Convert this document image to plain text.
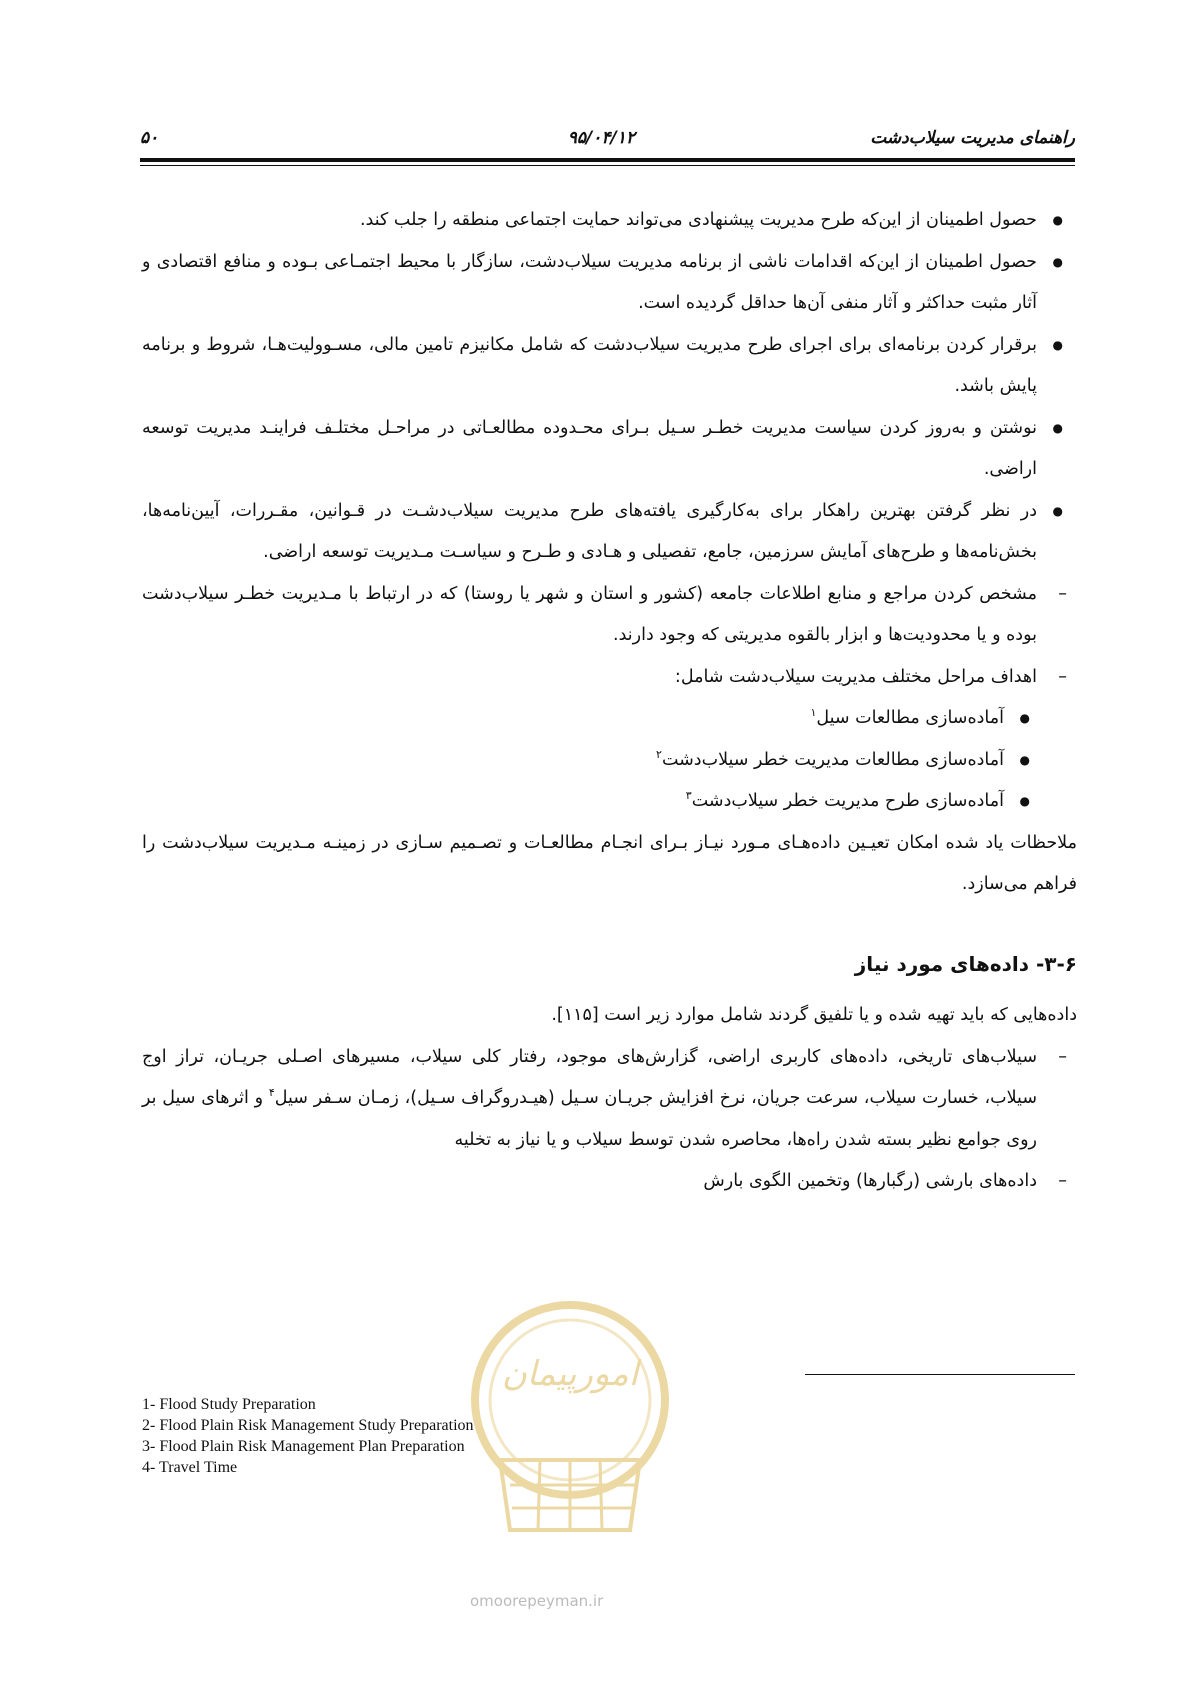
راهنمای مدیریت سیلاب‌دشت
۹۵/۰۴/۱۲
۵۰
● حصول اطمینان از این‌که طرح مدیریت پیشنهادی می‌تواند حمایت اجتماعی منطقه را جلب کند.
● حصول اطمینان از این‌که اقدامات ناشی از برنامه مدیریت سیلاب‌دشت، سازگار با محیط اجتمـاعی بـوده و منافع اقتصادی و آثار مثبت حداکثر و آثار منفی آن‌ها حداقل گردیده است.
● برقرار کردن برنامه‌ای برای اجرای طرح مدیریت سیلاب‌دشت که شامل مکانیزم تامین مالی، مسـوولیت‌هـا، شروط و برنامه پایش باشد.
● نوشتن و به‌روز کردن سیاست مدیریت خطـر سـیل بـرای محـدوده مطالعـاتی در مراحـل مختلـف فراینـد مدیریت توسعه اراضی.
● در نظر گرفتن بهترین راهکار برای به‌کارگیری یافته‌های طرح مدیریت سیلاب‌دشـت در قـوانین، مقـررات، آیین‌نامه‌ها، بخش‌نامه‌ها و طرح‌های آمایش سرزمین، جامع، تفصیلی و هـادی و طـرح و سیاسـت مـدیریت توسعه اراضی.
– مشخص کردن مراجع و منابع اطلاعات جامعه (کشور و استان و شهر یا روستا) که در ارتباط با مـدیریت خطـر سیلاب‌دشت بوده و یا محدودیت‌ها و ابزار بالقوه مدیریتی که وجود دارند.
– اهداف مراحل مختلف مدیریت سیلاب‌دشت شامل:
● آماده‌سازی مطالعات سیل$^۱$
● آماده‌سازی مطالعات مدیریت خطر سیلاب‌دشت$^۲$
● آماده‌سازی طرح مدیریت خطر سیلاب‌دشت$^۳$

ملاحظات یاد شده امکان تعیـین داده‌هـای مـورد نیـاز بـرای انجـام مطالعـات و تصـمیم سـازی در زمینـه مـدیریت سیلاب‌دشت را فراهم می‌سازد.

۳-۶- داده‌های مورد نیاز

داده‌هایی که باید تهیه شده و یا تلفیق گردند شامل موارد زیر است [۱۱۵].

– سیلاب‌های تاریخی، داده‌های کاربری اراضی، گزارش‌های موجود، رفتار کلی سیلاب، مسیرهای اصـلی جریـان، تراز اوج سیلاب، خسارت سیلاب، سرعت جریان، نرخ افزایش جریـان سـیل (هیـدروگراف سـیل)، زمـان سـفر سیل$^۴$ و اثرهای سیل بر روی جوامع نظیر بسته شدن راه‌ها، محاصره شدن توسط سیلاب و یا نیاز به تخلیه
– داده‌های بارشی (رگبارها) وتخمین الگوی بارش
1- Flood Study Preparation
2- Flood Plain Risk Management Study Preparation
3- Flood Plain Risk Management Plan Preparation
4- Travel Time
امورپیمان
omoorepeyman.ir
